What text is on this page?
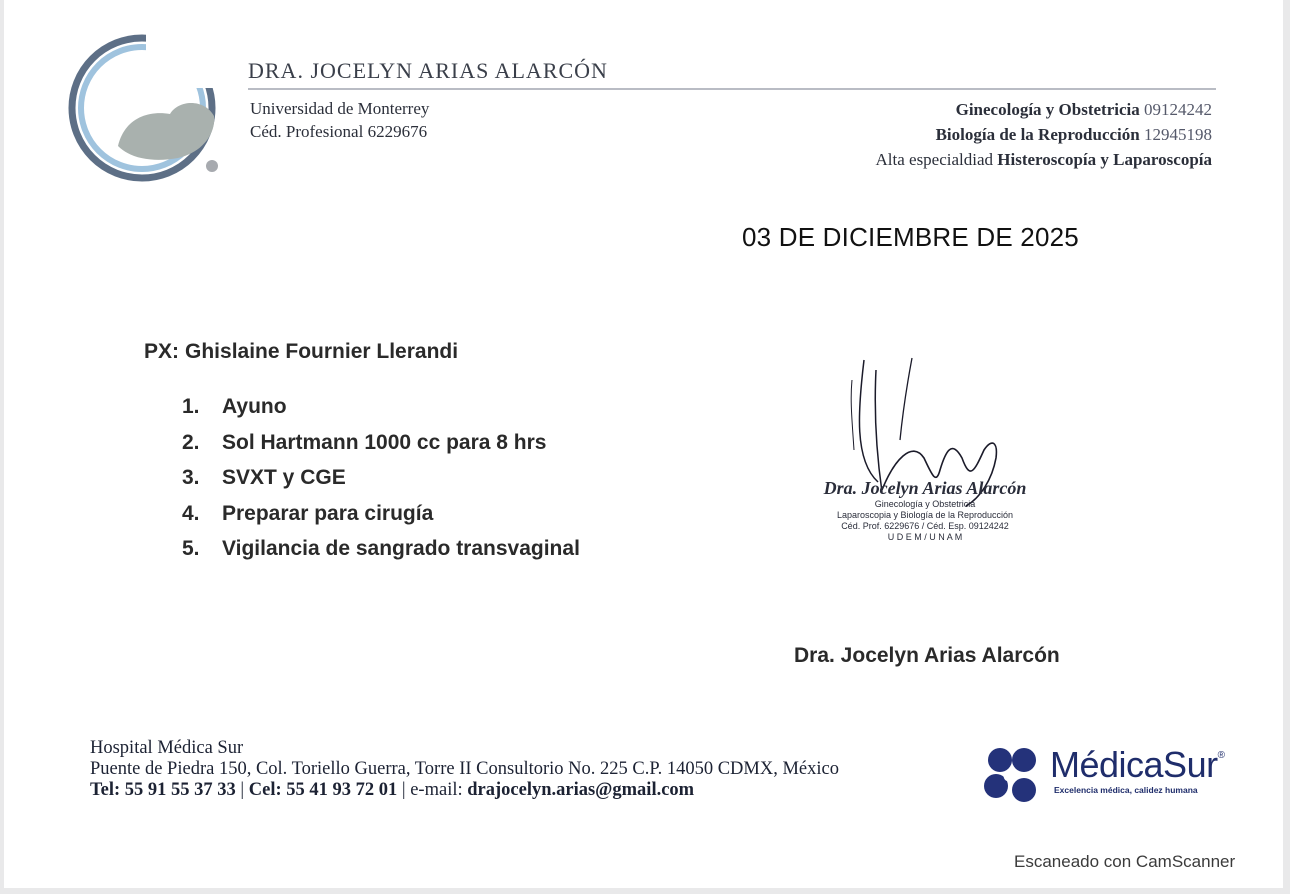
DRA. JOCELYN ARIAS ALARCÓN
Universidad de Monterrey
Céd. Profesional 6229676
Ginecología y Obstetricia 09124242
Biología de la Reproducción 12945198
Alta especialdiad Histeroscopía y Laparoscopía
03 DE DICIEMBRE DE 2025
PX: Ghislaine Fournier Llerandi
1. Ayuno
2. Sol Hartmann 1000 cc para 8 hrs
3. SVXT y CGE
4. Preparar para cirugía
5. Vigilancia de sangrado transvaginal
Dra. Jocelyn Arias Alarcón
Ginecología y Obstetricia
Laparoscopia y Biología de la Reproducción
Céd. Prof. 6229676 / Céd. Esp. 09124242
U D E M / U N A M
Dra. Jocelyn Arias Alarcón
Hospital Médica Sur
Puente de Piedra 150, Col. Toriello Guerra, Torre II Consultorio No. 225 C.P. 14050 CDMX, México
Tel: 55 91 55 37 33 | Cel: 55 41 93 72 01 | e-mail: drajocelyn.arias@gmail.com
MédicaSur®
Excelencia médica, calidez humana
Escaneado con CamScanner
